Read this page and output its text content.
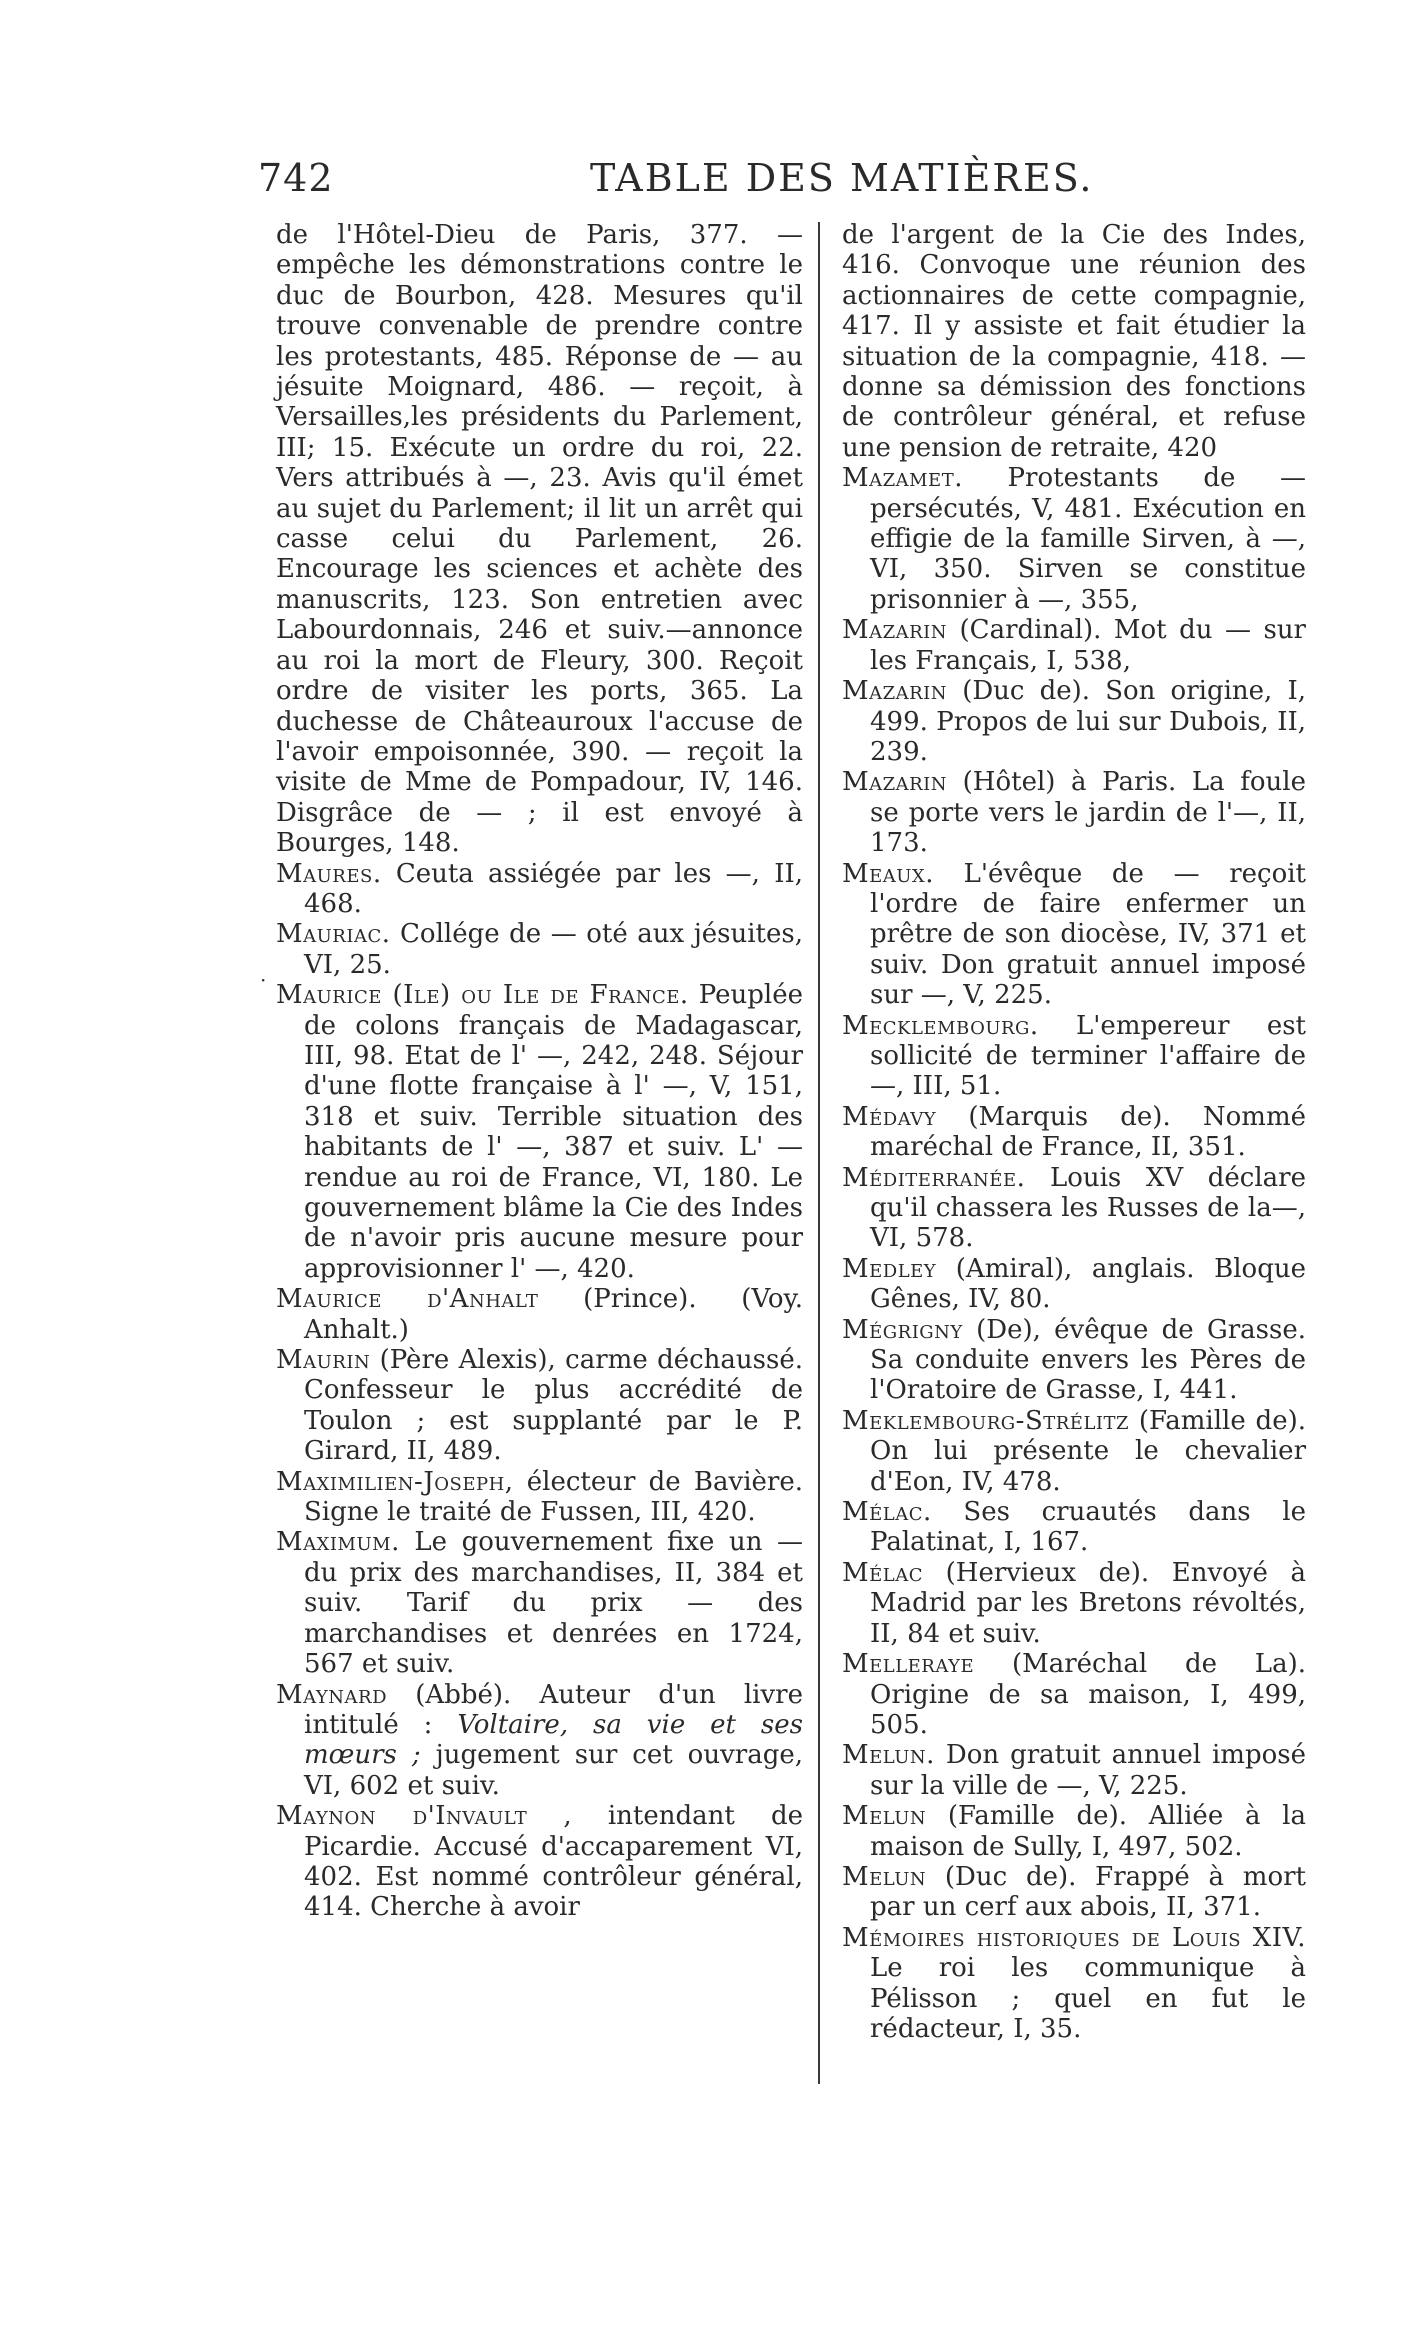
742	TABLE DES MATIÈRES.
·

de l'Hôtel-Dieu de Paris, 377. — empêche les démonstrations contre le duc de Bourbon, 428. Mesures qu'il trouve convenable de prendre contre les protestants, 485. Réponse de — au jésuite Moignard, 486. — reçoit, à Versailles,les présidents du Parlement, III; 15. Exécute un ordre du roi, 22. Vers attribués à —, 23. Avis qu'il émet au sujet du Parlement; il lit un arrêt qui casse celui du Parlement, 26. Encourage les sciences et achète des manuscrits, 123. Son entretien avec Labourdonnais, 246 et suiv.—annonce au roi la mort de Fleury, 300. Reçoit ordre de visiter les ports, 365. La duchesse de Châteauroux l'accuse de l'avoir empoisonnée, 390. — reçoit la visite de Mme de Pompadour, IV, 146. Disgrâce de — ; il est envoyé à Bourges, 148.

Maures. Ceuta assiégée par les —, II, 468.

Mauriac. Collége de — oté aux jésuites, VI, 25.

Maurice (Ile) ou Ile de France. Peuplée de colons français de Madagascar, III, 98. Etat de l' —, 242, 248. Séjour d'une flotte française à l' —, V, 151, 318 et suiv. Terrible situation des habitants de l' —, 387 et suiv. L' — rendue au roi de France, VI, 180. Le gouvernement blâme la Cie des Indes de n'avoir pris aucune mesure pour approvisionner l' —, 420.

Maurice d'Anhalt (Prince). (Voy. Anhalt.)

Maurin (Père Alexis), carme déchaussé. Confesseur le plus accrédité de Toulon ; est supplanté par le P. Girard, II, 489.

Maximilien-Joseph, électeur de Bavière. Signe le traité de Fussen, III, 420.

Maximum. Le gouvernement fixe un — du prix des marchandises, II, 384 et suiv. Tarif du prix — des marchandises et denrées en 1724, 567 et suiv.

Maynard (Abbé). Auteur d'un livre intitulé : Voltaire, sa vie et ses mœurs ; jugement sur cet ouvrage, VI, 602 et suiv.

Maynon d'Invault , intendant de Picardie. Accusé d'accaparement VI, 402. Est nommé contrôleur général, 414. Cherche à avoir

de l'argent de la Cie des Indes, 416. Convoque une réunion des actionnaires de cette compagnie, 417. Il y assiste et fait étudier la situation de la compagnie, 418. — donne sa démission des fonctions de contrôleur général, et refuse une pension de retraite, 420

Mazamet. Protestants de — persécutés, V, 481. Exécution en effigie de la famille Sirven, à —, VI, 350. Sirven se constitue prisonnier à —, 355,

Mazarin (Cardinal). Mot du — sur les Français, I, 538,

Mazarin (Duc de). Son origine, I, 499. Propos de lui sur Dubois, II, 239.

Mazarin (Hôtel) à Paris. La foule se porte vers le jardin de l'—, II, 173.

Meaux. L'évêque de — reçoit l'ordre de faire enfermer un prêtre de son diocèse, IV, 371 et suiv. Don gratuit annuel imposé sur —, V, 225.

Mecklembourg. L'empereur est sollicité de terminer l'affaire de —, III, 51.

Médavy (Marquis de). Nommé maréchal de France, II, 351.

Méditerranée. Louis XV déclare qu'il chassera les Russes de la—, VI, 578.

Medley (Amiral), anglais. Bloque Gênes, IV, 80.

Mégrigny (De), évêque de Grasse. Sa conduite envers les Pères de l'Oratoire de Grasse, I, 441.

Meklembourg-Strélitz (Famille de). On lui présente le chevalier d'Eon, IV, 478.

Mélac. Ses cruautés dans le Palatinat, I, 167.

Mélac (Hervieux de). Envoyé à Madrid par les Bretons révoltés, II, 84 et suiv.

Melleraye (Maréchal de La). Origine de sa maison, I, 499, 505.

Melun. Don gratuit annuel imposé sur la ville de —, V, 225.

Melun (Famille de). Alliée à la maison de Sully, I, 497, 502.

Melun (Duc de). Frappé à mort par un cerf aux abois, II, 371.

Mémoires historiques de Louis XIV. Le roi les communique à Pélisson ; quel en fut le rédacteur, I, 35.
